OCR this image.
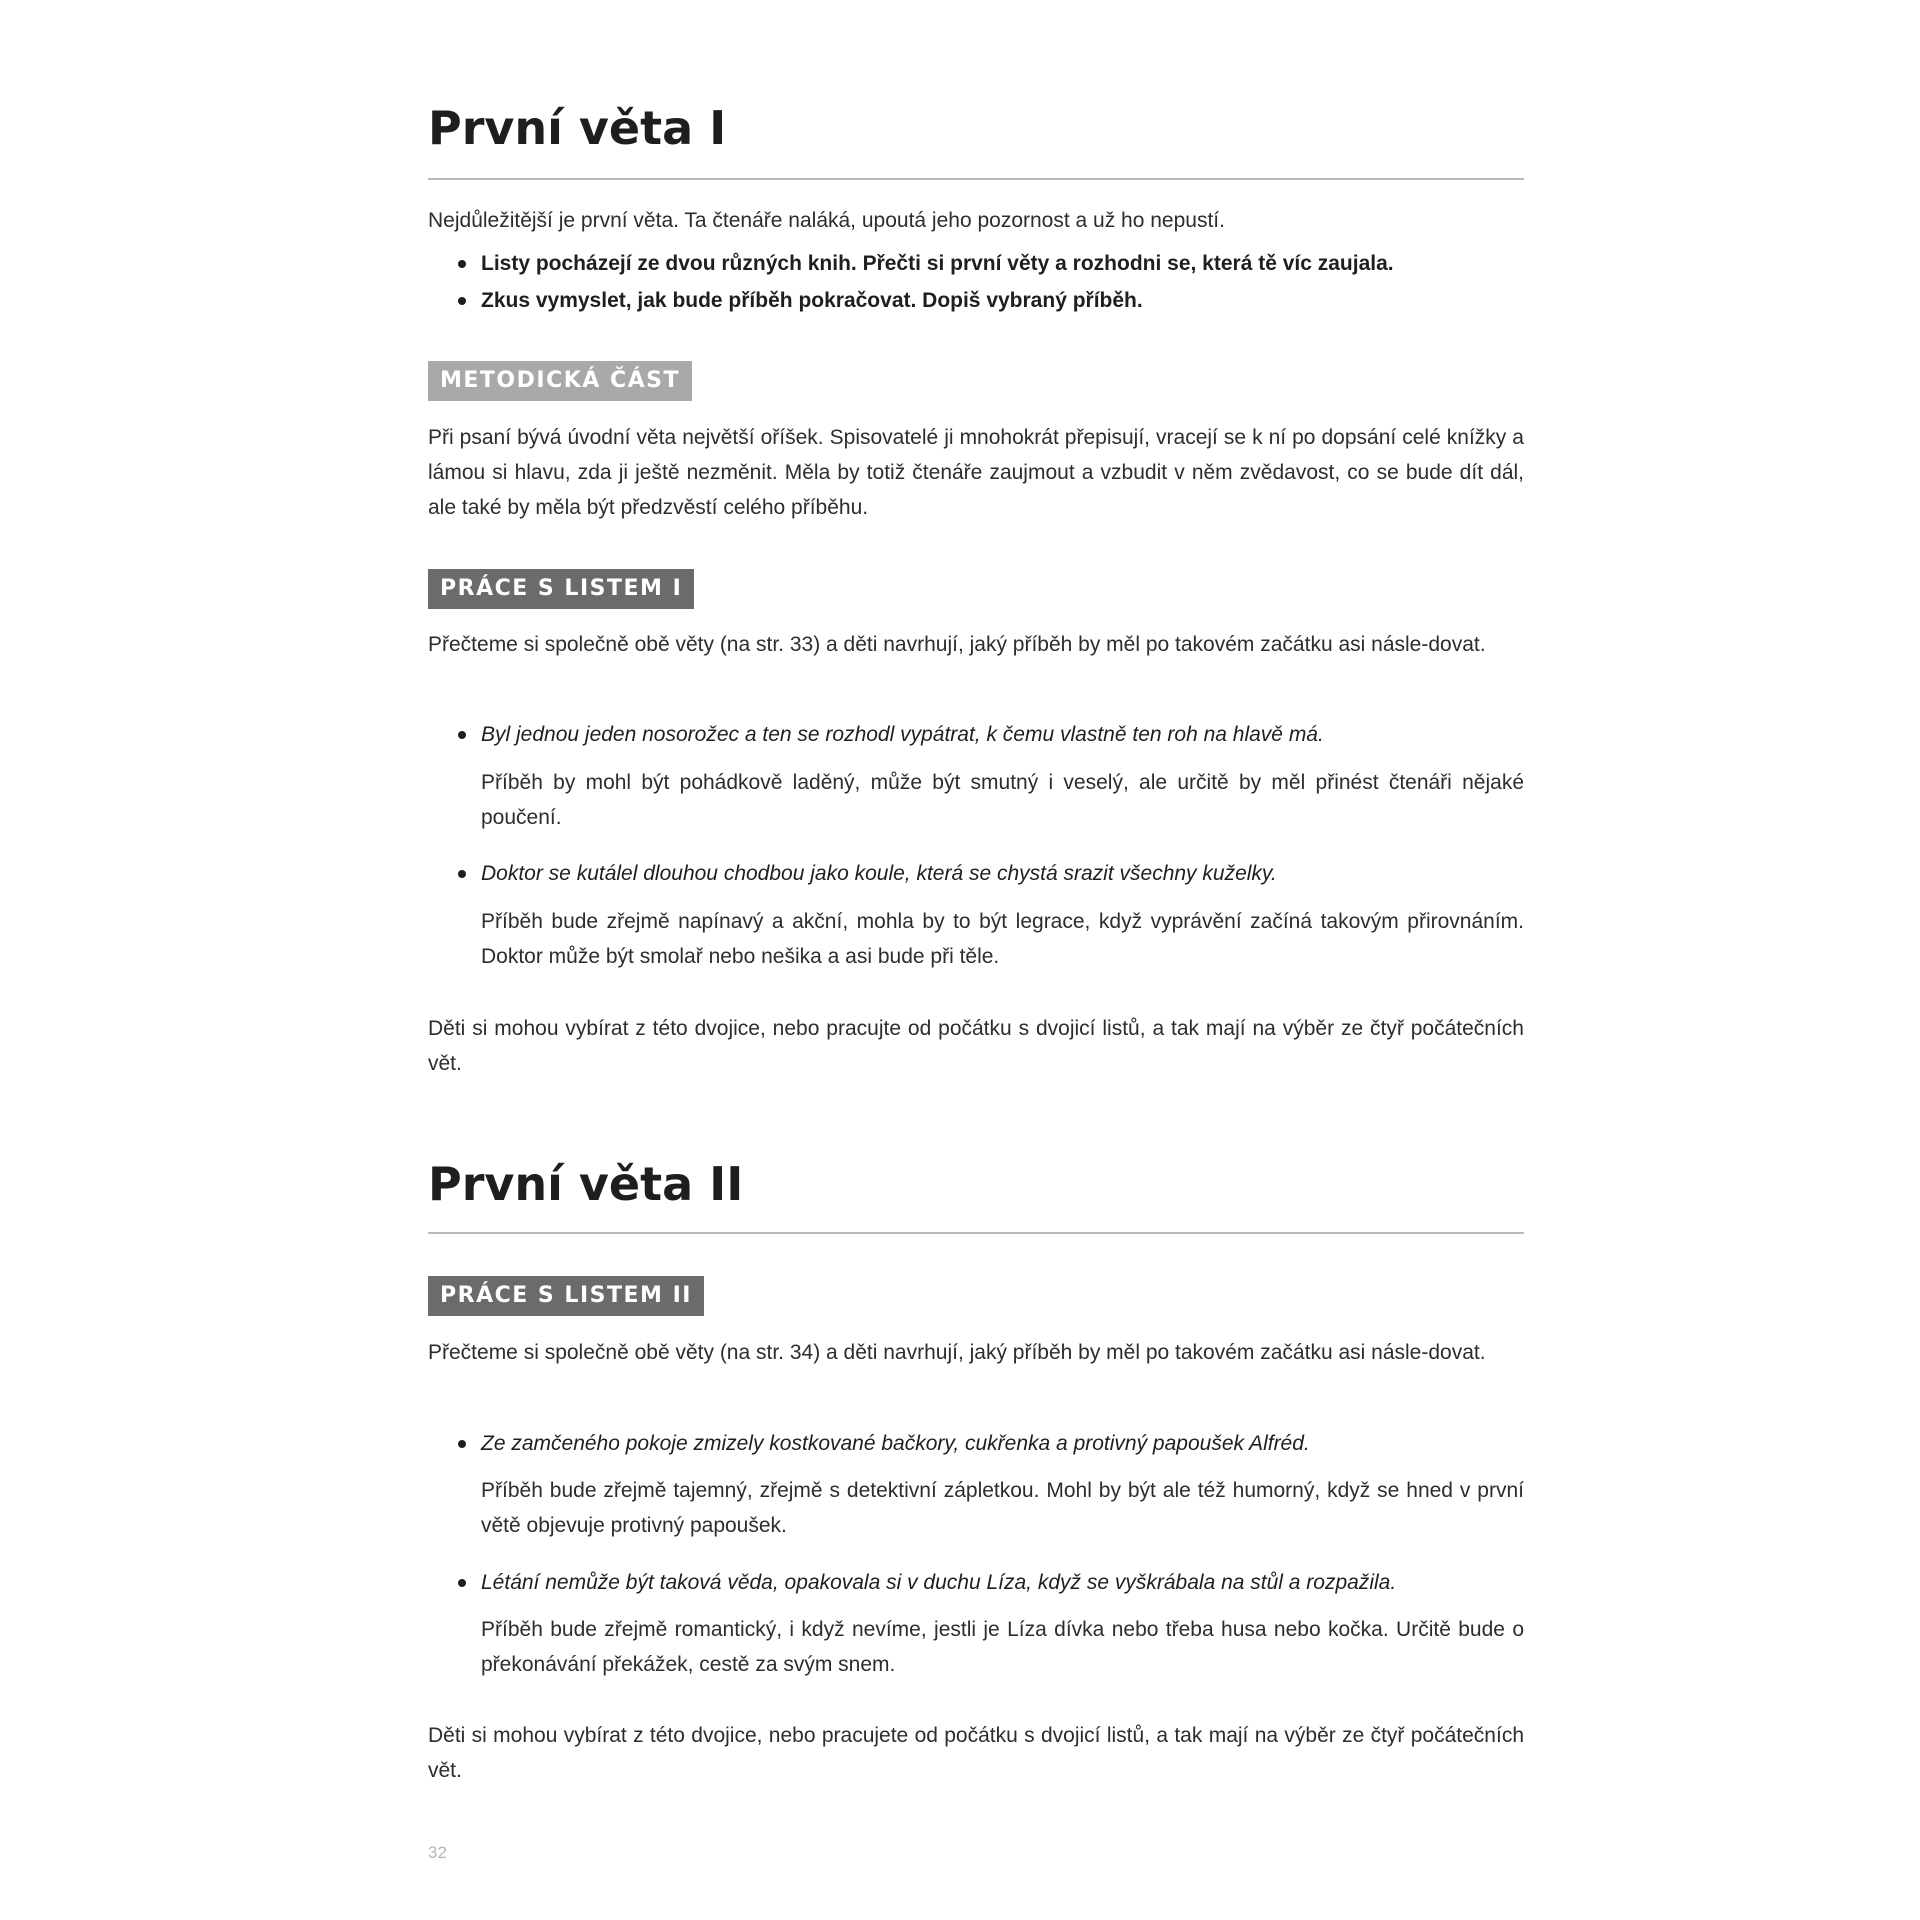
První věta I

Nejdůležitější je první věta. Ta čtenáře naláká, upoutá jeho pozornost a už ho nepustí.

Listy pocházejí ze dvou různých knih. Přečti si první věty a rozhodni se, která tě víc zaujala.
Zkus vymyslet, jak bude příběh pokračovat. Dopiš vybraný příběh.
METODICKÁ ČÁST

Při psaní bývá úvodní věta největší oříšek. Spisovatelé ji mnohokrát přepisují, vracejí se k ní po dopsání celé knížky a lámou si hlavu, zda ji ještě nezměnit. Měla by totiž čtenáře zaujmout a vzbudit v něm zvědavost, co se bude dít dál, ale také by měla být předzvěstí celého příběhu.

PRÁCE S LISTEM I

Přečteme si společně obě věty (na str. 33) a děti navrhují, jaký příběh by měl po takovém začátku asi násle-dovat.

Byl jednou jeden nosorožec a ten se rozhodl vypátrat, k čemu vlastně ten roh na hlavě má.

Příběh by mohl být pohádkově laděný, může být smutný i veselý, ale určitě by měl přinést čtenáři nějaké poučení.

Doktor se kutálel dlouhou chodbou jako koule, která se chystá srazit všechny kuželky.

Příběh bude zřejmě napínavý a akční, mohla by to být legrace, když vyprávění začíná takovým přirovnáním. Doktor může být smolař nebo nešika a asi bude při těle.

Děti si mohou vybírat z této dvojice, nebo pracujte od počátku s dvojicí listů, a tak mají na výběr ze čtyř počátečních vět.

První věta II
PRÁCE S LISTEM II

Přečteme si společně obě věty (na str. 34) a děti navrhují, jaký příběh by měl po takovém začátku asi násle-dovat.

Ze zamčeného pokoje zmizely kostkované bačkory, cukřenka a protivný papoušek Alfréd.

Příběh bude zřejmě tajemný, zřejmě s detektivní zápletkou. Mohl by být ale též humorný, když se hned v první větě objevuje protivný papoušek.

Létání nemůže být taková věda, opakovala si v duchu Líza, když se vyškrábala na stůl a rozpažila.

Příběh bude zřejmě romantický, i když nevíme, jestli je Líza dívka nebo třeba husa nebo kočka. Určitě bude o překonávání překážek, cestě za svým snem.

Děti si mohou vybírat z této dvojice, nebo pracujete od počátku s dvojicí listů, a tak mají na výběr ze čtyř počátečních vět.

32
